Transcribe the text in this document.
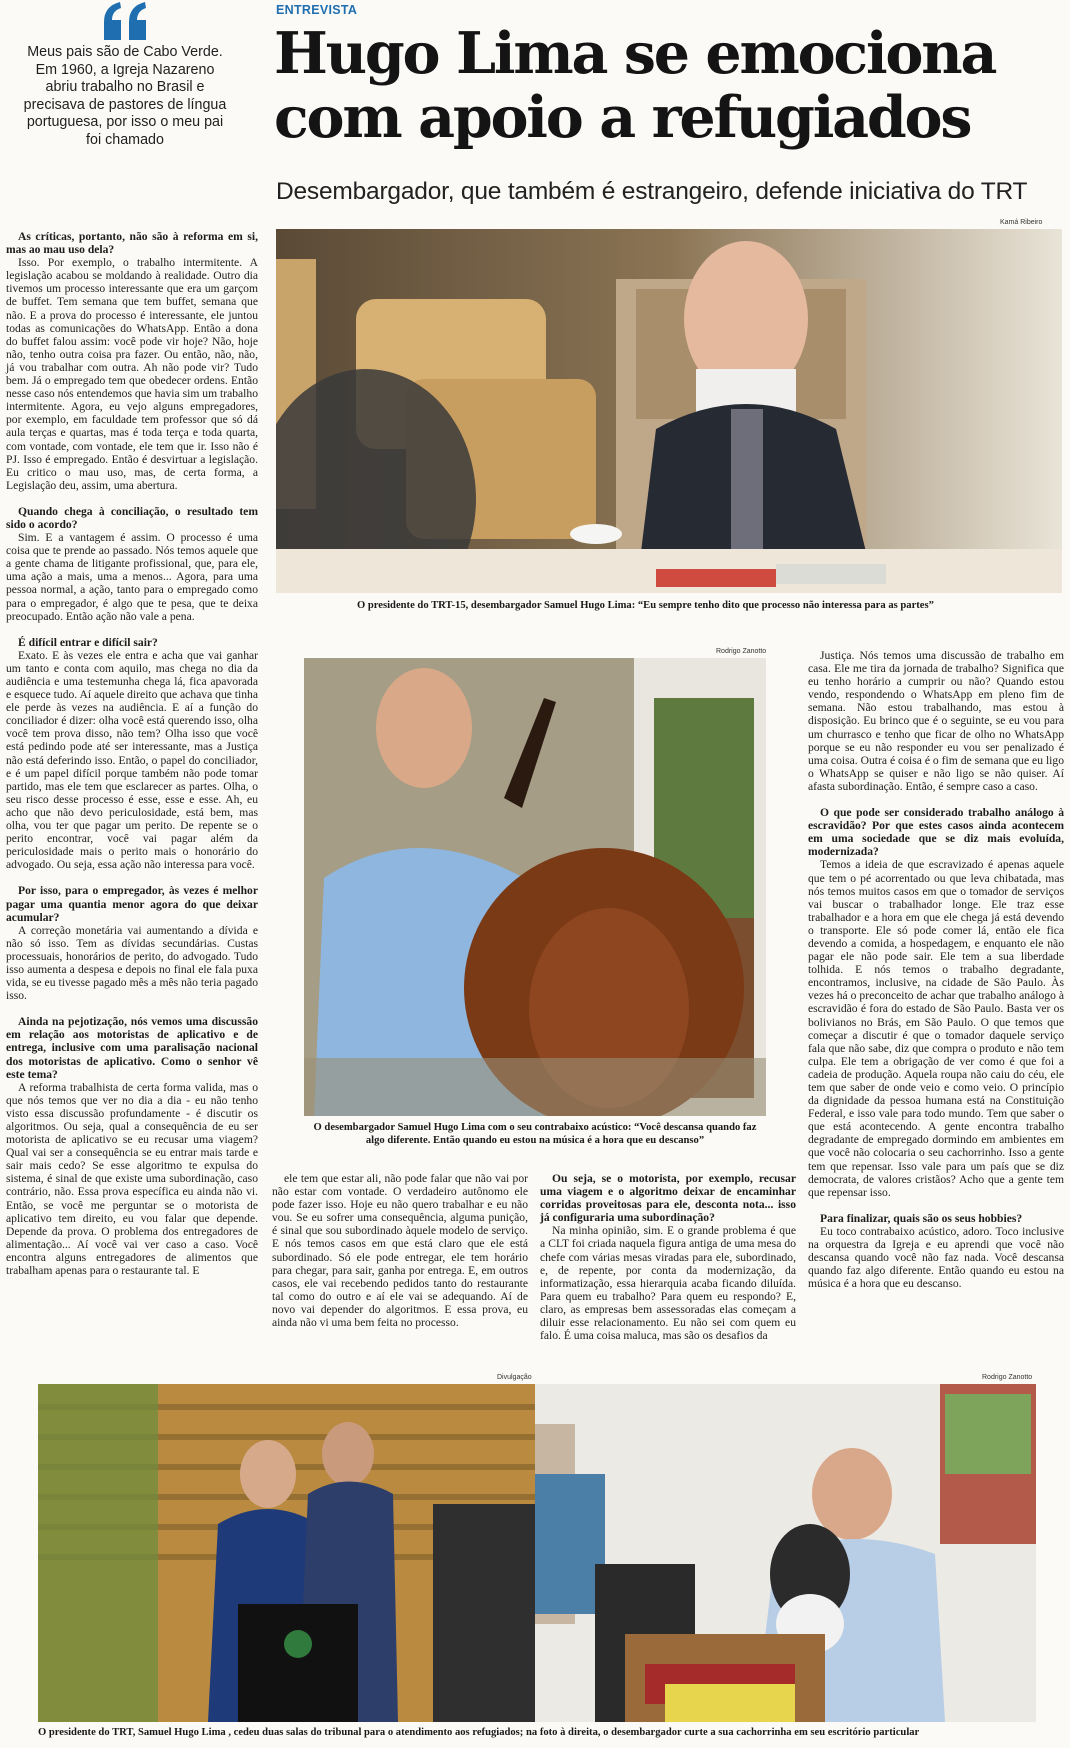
Meus pais são de Cabo Verde. Em 1960, a Igreja Nazareno abriu trabalho no Brasil e precisava de pastores de língua portuguesa, por isso o meu pai foi chamado
ENTREVISTA
Hugo Lima se emociona com apoio a refugiados
Desembargador, que também é estrangeiro, defende iniciativa do TRT
Kamá Ribeiro
O presidente do TRT-15, desembargador Samuel Hugo Lima: “Eu sempre tenho dito que processo não interessa para as partes”
Rodrigo Zanotto
O desembargador Samuel Hugo Lima com o seu contrabaixo acústico: “Você descansa quando faz algo diferente. Então quando eu estou na música é a hora que eu descanso”

As críticas, portanto, não são à reforma em si, mas ao mau uso dela?

Isso. Por exemplo, o trabalho intermitente. A legislação acabou se moldando à realidade. Outro dia tivemos um processo interessante que era um garçom de buffet. Tem semana que tem buffet, semana que não. E a prova do processo é interessante, ele juntou todas as comunicações do WhatsApp. Então a dona do buffet falou assim: você pode vir hoje? Não, hoje não, tenho outra coisa pra fazer. Ou então, não, não, já vou trabalhar com outra. Ah não pode vir? Tudo bem. Já o empregado tem que obedecer ordens. Então nesse caso nós entendemos que havia sim um trabalho intermitente. Agora, eu vejo alguns empregadores, por exemplo, em faculdade tem professor que só dá aula terças e quartas, mas é toda terça e toda quarta, com vontade, com vontade, ele tem que ir. Isso não é PJ. Isso é empregado. Então é desvirtuar a legislação. Eu critico o mau uso, mas, de certa forma, a Legislação deu, assim, uma abertura.

Quando chega à conciliação, o resultado tem sido o acordo?

Sim. E a vantagem é assim. O processo é uma coisa que te prende ao passado. Nós temos aquele que a gente chama de litigante profissional, que, para ele, uma ação a mais, uma a menos... Agora, para uma pessoa normal, a ação, tanto para o empregado como para o empregador, é algo que te pesa, que te deixa preocupado. Então ação não vale a pena.

É difícil entrar e difícil sair?

Exato. E às vezes ele entra e acha que vai ganhar um tanto e conta com aquilo, mas chega no dia da audiência e uma testemunha chega lá, fica apavorada e esquece tudo. Aí aquele direito que achava que tinha ele perde às vezes na audiência. E aí a função do conciliador é dizer: olha você está querendo isso, olha você tem prova disso, não tem? Olha isso que você está pedindo pode até ser interessante, mas a Justiça não está deferindo isso. Então, o papel do conciliador, e é um papel difícil porque também não pode tomar partido, mas ele tem que esclarecer as partes. Olha, o seu risco desse processo é esse, esse e esse. Ah, eu acho que não devo periculosidade, está bem, mas olha, vou ter que pagar um perito. De repente se o perito encontrar, você vai pagar além da periculosidade mais o perito mais o honorário do advogado. Ou seja, essa ação não interessa para você.

Por isso, para o empregador, às vezes é melhor pagar uma quantia menor agora do que deixar acumular?

A correção monetária vai aumentando a dívida e não só isso. Tem as dívidas secundárias. Custas processuais, honorários de perito, do advogado. Tudo isso aumenta a despesa e depois no final ele fala puxa vida, se eu tivesse pagado mês a mês não teria pagado isso.

Ainda na pejotização, nós vemos uma discussão em relação aos motoristas de aplicativo e de entrega, inclusive com uma paralisação nacional dos motoristas de aplicativo. Como o senhor vê este tema?

A reforma trabalhista de certa forma valida, mas o que nós temos que ver no dia a dia - eu não tenho visto essa discussão profundamente - é discutir os algoritmos. Ou seja, qual a consequência de eu ser motorista de aplicativo se eu recusar uma viagem? Qual vai ser a consequência se eu entrar mais tarde e sair mais cedo? Se esse algoritmo te expulsa do sistema, é sinal de que existe uma subordinação, caso contrário, não. Essa prova específica eu ainda não vi. Então, se você me perguntar se o motorista de aplicativo tem direito, eu vou falar que depende. Depende da prova. O problema dos entregadores de alimentação... Aí você vai ver caso a caso. Você encontra alguns entregadores de alimentos que trabalham apenas para o restaurante tal. E

ele tem que estar ali, não pode falar que não vai por não estar com vontade. O verdadeiro autônomo ele pode fazer isso. Hoje eu não quero trabalhar e eu não vou. Se eu sofrer uma consequência, alguma punição, é sinal que sou subordinado àquele modelo de serviço. E nós temos casos em que está claro que ele está subordinado. Só ele pode entregar, ele tem horário para chegar, para sair, ganha por entrega. E, em outros casos, ele vai recebendo pedidos tanto do restaurante tal como do outro e aí ele vai se adequando. Aí de novo vai depender do algoritmos. E essa prova, eu ainda não vi uma bem feita no processo.

Ou seja, se o motorista, por exemplo, recusar uma viagem e o algoritmo deixar de encaminhar corridas proveitosas para ele, desconta nota... isso já configuraria uma subordinação?

Na minha opinião, sim. E o grande problema é que a CLT foi criada naquela figura antiga de uma mesa do chefe com várias mesas viradas para ele, subordinado, e, de repente, por conta da modernização, da informatização, essa hierarquia acaba ficando diluída. Para quem eu trabalho? Para quem eu respondo? E, claro, as empresas bem assessoradas elas começam a diluir esse relacionamento. Eu não sei com quem eu falo. É uma coisa maluca, mas são os desafios da

Justiça. Nós temos uma discussão de trabalho em casa. Ele me tira da jornada de trabalho? Significa que eu tenho horário a cumprir ou não? Quando estou vendo, respondendo o WhatsApp em pleno fim de semana. Não estou trabalhando, mas estou à disposição. Eu brinco que é o seguinte, se eu vou para um churrasco e tenho que ficar de olho no WhatsApp porque se eu não responder eu vou ser penalizado é uma coisa. Outra é coisa é o fim de semana que eu ligo o WhatsApp se quiser e não ligo se não quiser. Aí afasta subordinação. Então, é sempre caso a caso.

O que pode ser considerado trabalho análogo à escravidão? Por que estes casos ainda acontecem em uma sociedade que se diz mais evoluída, modernizada?

Temos a ideia de que escravizado é apenas aquele que tem o pé acorrentado ou que leva chibatada, mas nós temos muitos casos em que o tomador de serviços vai buscar o trabalhador longe. Ele traz esse trabalhador e a hora em que ele chega já está devendo o transporte. Ele só pode comer lá, então ele fica devendo a comida, a hospedagem, e enquanto ele não pagar ele não pode sair. Ele tem a sua liberdade tolhida. E nós temos o trabalho degradante, encontramos, inclusive, na cidade de São Paulo. Às vezes há o preconceito de achar que trabalho análogo à escravidão é fora do estado de São Paulo. Basta ver os bolivianos no Brás, em São Paulo. O que temos que começar a discutir é que o tomador daquele serviço fala que não sabe, diz que compra o produto e não tem culpa. Ele tem a obrigação de ver como é que foi a cadeia de produção. Aquela roupa não caiu do céu, ele tem que saber de onde veio e como veio. O princípio da dignidade da pessoa humana está na Constituição Federal, e isso vale para todo mundo. Tem que saber o que está acontecendo. A gente encontra trabalho degradante de empregado dormindo em ambientes em que você não colocaria o seu cachorrinho. Isso a gente tem que repensar. Isso vale para um país que se diz democrata, de valores cristãos? Acho que a gente tem que repensar isso.

Para finalizar, quais são os seus hobbies?

Eu toco contrabaixo acústico, adoro. Toco inclusive na orquestra da Igreja e eu aprendi que você não descansa quando você não faz nada. Você descansa quando faz algo diferente. Então quando eu estou na música é a hora que eu descanso.

Divulgação	Rodrigo Zanotto
O presidente do TRT, Samuel Hugo Lima , cedeu duas salas do tribunal para o atendimento aos refugiados; na foto à direita, o desembargador curte a sua cachorrinha em seu escritório particular
